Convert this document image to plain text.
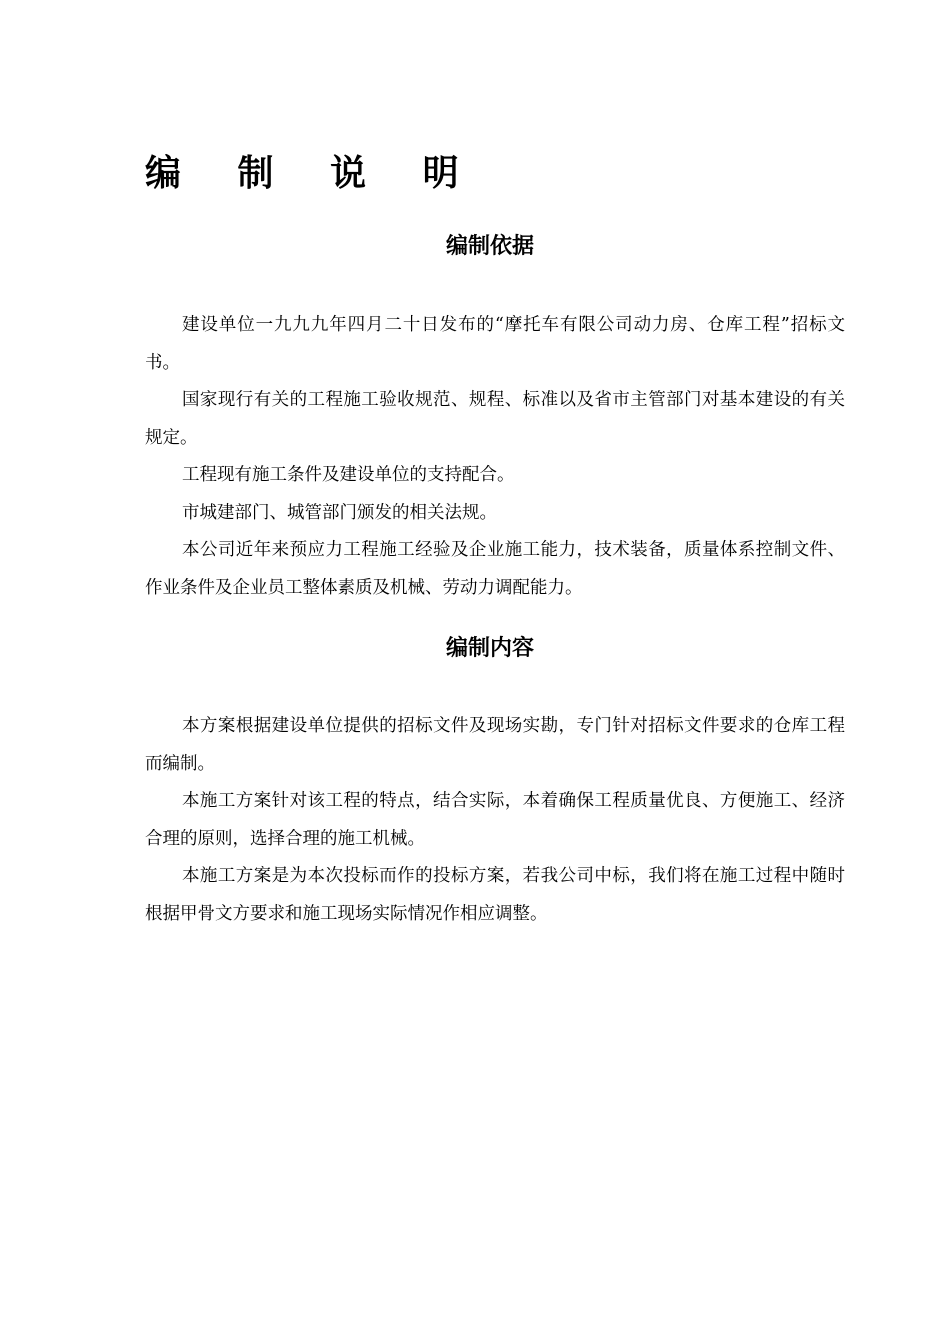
编 制 说 明
编制依据

建设单位一九九九年四月二十日发布的“摩托车有限公司动力房、仓库工程”招标文书。

国家现行有关的工程施工验收规范、规程、标准以及省市主管部门对基本建设的有关规定。

工程现有施工条件及建设单位的支持配合。

市城建部门、城管部门颁发的相关法规。

本公司近年来预应力工程施工经验及企业施工能力，技术装备，质量体系控制文件、作业条件及企业员工整体素质及机械、劳动力调配能力。

编制内容

本方案根据建设单位提供的招标文件及现场实勘，专门针对招标文件要求的仓库工程而编制。

本施工方案针对该工程的特点，结合实际，本着确保工程质量优良、方便施工、经济合理的原则，选择合理的施工机械。

本施工方案是为本次投标而作的投标方案，若我公司中标，我们将在施工过程中随时根据甲骨文方要求和施工现场实际情况作相应调整。
